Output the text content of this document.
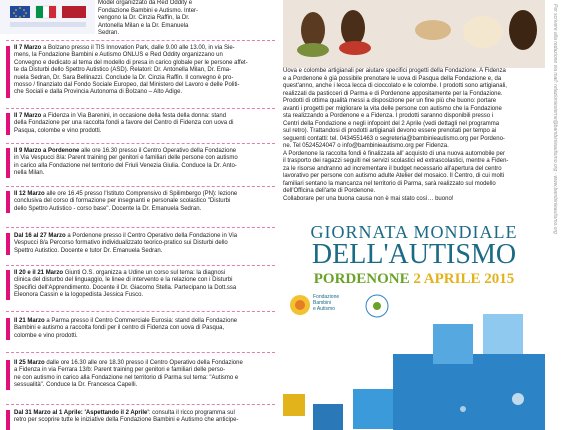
Model organizzato da Red Oddity e
Fondazione Bambini e Autismo. Inter-
vengono la Dr. Cinzia Raffin, la Dr.
Antonella Milan e la Dr. Emanuela
Sedran.
Il 7 Marzo a Bolzano presso il TIS Innovation Park, dalle 9.00 alle 13.00, in via Sie-
mens, la Fondazione Bambini e Autismo ONLUS e Red Oddity organizzano un
Convegno e dedicato al tema del modello di presa in carico globale per le persone affet-
te da Disturbi dello Spettro Autistico (ASD). Relatori: Dr. Antonella Milan, Dr. Ema-
nuela Sedran, Dr. Sara Bellinazzi. Conclude la Dr. Cinzia Raffin. Il convegno è pro-
mosso / finanziato dal Fondo Sociale Europeo, dal Ministero del Lavoro e delle Politi-
che Sociali e dalla Provincia Autonoma di Bolzano – Alto Adige.
Il 7 Marzo a Fidenza in Via Barenini, in occasione della festa della donna: stand
della Fondazione per una raccolta fondi a favore del Centro di Fidenza con uova di
Pasqua, colombe e vino prodotti.
Il 9 Marzo a Pordenone alle ore 16.30 presso il Centro Operativo della Fondazione
in Via Vespucci 8/a: Parent training per genitori e familiari delle persone con autismo
in carico alla Fondazione nel territorio del Friuli Venezia Giulia. Conduce la Dr. Anto-
nella Milan.
Il 12 Marzo alle ore 16.45 presso l'Istituto Comprensivo di Spilimbergo (PN): lezione
conclusiva del corso di formazione per insegnanti e personale scolastico "Disturbi
dello Spettro Autistico - corso base". Docente la Dr. Emanuela Sedran.
Dal 16 al 27 Marzo a Pordenone presso il Centro Operativo della Fondazione in Via
Vespucci 8/a Percorso formativo individualizzato teorico-pratico sui Disturbi dello
Spettro Autistico. Docente e tutor Dr. Emanuela Sedran.
Il 20 e il 21 Marzo Giunti O.S. organizza a Udine un corso sul tema: la diagnosi
clinica del disturbo del linguaggio, le linee di intervento e la relazione con i Disturbi
Specifici dell'Apprendimento. Docente il Dr. Giacomo Stella. Partecipano la Dott.ssa
Eleonora Cassin e la logopedista Jessica Fusco.
Il 21 Marzo a Parma presso il Centro Commerciale Eurosia: stand della Fondazione
Bambini e autismo a raccolta fondi per il centro di Fidenza con uova di Pasqua,
colombe e vino prodotti.
Il 25 Marzo dalle ore 16.30 alle ore 18.30 presso il Centro Operativo della Fondazione
a Fidenza in via Ferrara 13/b: Parent training per genitori e familiari delle perso-
ne con autismo in carico alla Fondazione nel territorio di Parma sul tema: "Autismo e
sessualità". Conduce la Dr. Francesca Capelli.
Dal 31 Marzo al 1 Aprile: 'Aspettando il 2 Aprile': consulta il ricco programma sul
retro per scoprire tutte le iniziative della Fondazione Bambini e Autismo che anticipe-
Uova e colombe artigianali per aiutare specifici progetti della Fondazione. A Fidenza
e a Pordenone è già possibile prenotare le uova di Pasqua della Fondazione e, da
quest'anno, anche i lecca lecca di cioccolato e le colombe. I prodotti sono artigianali,
realizzati da pasticceri di Parma e di Pordenone appositamente per la Fondazione.
Prodotti di ottima qualità messi a disposizione per un fine più che buono: portare
avanti i progetti per migliorare la vita delle persone con autismo che la Fondazione
sta realizzando a Pordenone e a Fidenza. I prodotti saranno disponibili presso i
Centri della Fondazione e negli infopoint del 2 Aprile (vedi dettagli nel programma
sul retro). Trattandosi di prodotti artigianali devono essere prenotati per tempo ai
seguenti contatti: tel. 0434551463 o segreteria@bambinieautismo.org per Pordeno-
ne. Tel 0524524047 o info@bambinieautismo.org per Fidenza.
A Pordenone la raccolta fondi è finalizzata all' acquisto di una nuova automobile per
il trasporto dei ragazzi seguiti nei servizi scolastici ed extrascolastici, mentre a Fiden-
za le risorse andranno ad incrementare il budget necessario all'apertura del centro
lavorativo per persone con autismo adulte Atelier del mosaico. Il Centro, di cui molti
familiari sentano la mancanza nel territorio di Parma, sarà realizzato sul modello
dell'Officina dell'arte di Pordenone.
Collaborare per una buona causa non è mai stato così… buono!
GIORNATA MONDIALE
DELL'AUTISMO
PORDENONE 2 APRILE 2015
Fondazione
Bambini
e Autismo
Per scrivere alla redazione via mail: relazioniesterne@bambinieautismo.org · www.bambinieautismo.org
